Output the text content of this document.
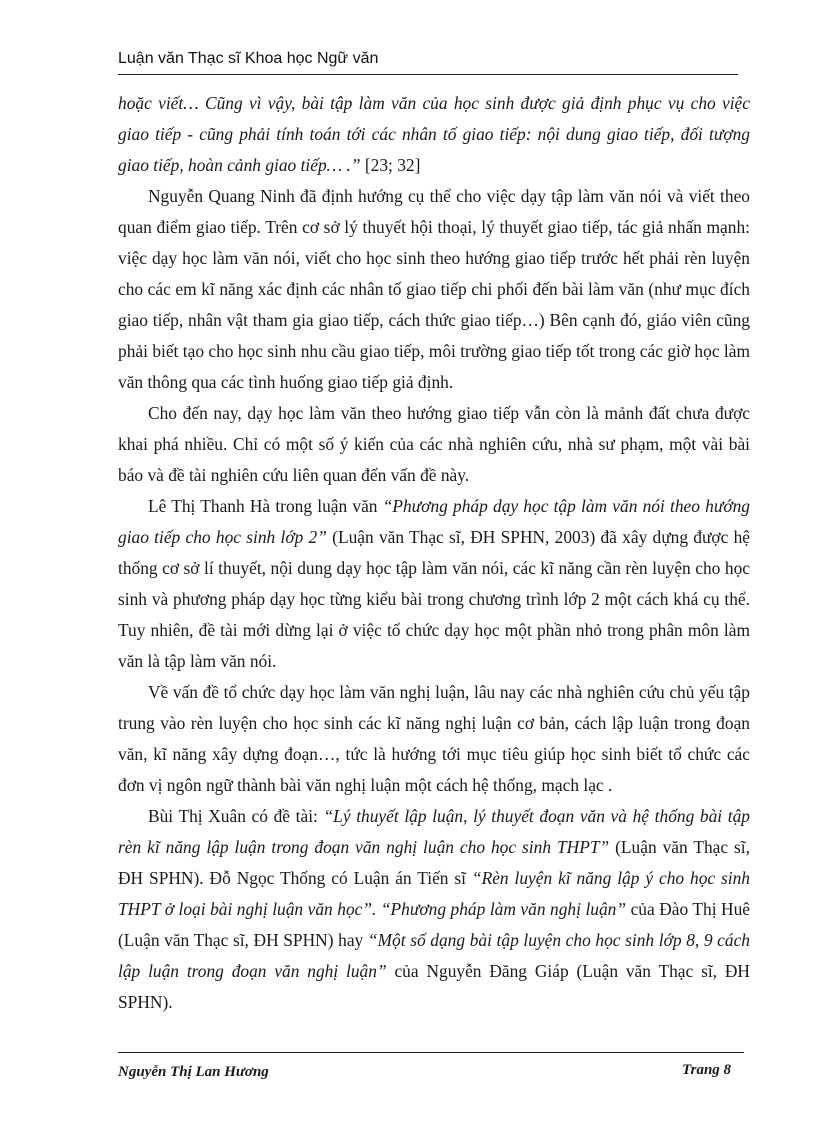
Luận văn Thạc sĩ Khoa học Ngữ văn

hoặc viết… Cũng vì vậy, bài tập làm văn của học sinh được giả định phục vụ cho việc giao tiếp - cũng phải tính toán tới các nhân tố giao tiếp: nội dung giao tiếp, đối tượng giao tiếp, hoàn cảnh giao tiếp… .” [23; 32]

Nguyễn Quang Ninh đã định hướng cụ thể cho việc dạy tập làm văn nói và viết theo quan điểm giao tiếp. Trên cơ sở lý thuyết hội thoại, lý thuyết giao tiếp, tác giả nhấn mạnh: việc dạy học làm văn nói, viết cho học sinh theo hướng giao tiếp trước hết phải rèn luyện cho các em kĩ năng xác định các nhân tố giao tiếp chi phối đến bài làm văn (như mục đích giao tiếp, nhân vật tham gia giao tiếp, cách thức giao tiếp…) Bên cạnh đó, giáo viên cũng phải biết tạo cho học sinh nhu cầu giao tiếp, môi trường giao tiếp tốt trong các giờ học làm văn thông qua các tình huống giao tiếp giả định.

Cho đến nay, dạy học làm văn theo hướng giao tiếp vẫn còn là mảnh đất chưa được khai phá nhiều. Chỉ có một số ý kiến của các nhà nghiên cứu, nhà sư phạm, một vài bài báo và đề tài nghiên cứu liên quan đến vấn đề này.

Lê Thị Thanh Hà trong luận văn “Phương pháp dạy học tập làm văn nói theo hướng giao tiếp cho học sinh lớp 2” (Luận văn Thạc sĩ, ĐH SPHN, 2003) đã xây dựng được hệ thống cơ sở lí thuyết, nội dung dạy học tập làm văn nói, các kĩ năng cần rèn luyện cho học sinh và phương pháp dạy học từng kiểu bài trong chương trình lớp 2 một cách khá cụ thể. Tuy nhiên, đề tài mới dừng lại ở việc tổ chức dạy học một phần nhỏ trong phân môn làm văn là tập làm văn nói.

Về vấn đề tổ chức dạy học làm văn nghị luận, lâu nay các nhà nghiên cứu chủ yếu tập trung vào rèn luyện cho học sinh các kĩ năng nghị luận cơ bản, cách lập luận trong đoạn văn, kĩ năng xây dựng đoạn…, tức là hướng tới mục tiêu giúp học sinh biết tổ chức các đơn vị ngôn ngữ thành bài văn nghị luận một cách hệ thống, mạch lạc .

Bùi Thị Xuân có đề tài: “Lý thuyết lập luận, lý thuyết đoạn văn và hệ thống bài tập rèn kĩ năng lập luận trong đoạn văn nghị luận cho học sinh THPT” (Luận văn Thạc sĩ, ĐH SPHN). Đỗ Ngọc Thống có Luận án Tiến sĩ “Rèn luyện kĩ năng lập ý cho học sinh THPT ở loại bài nghị luận văn học”. “Phương pháp làm văn nghị luận” của Đào Thị Huê (Luận văn Thạc sĩ, ĐH SPHN) hay “Một số dạng bài tập luyện cho học sinh lớp 8, 9 cách lập luận trong đoạn văn nghị luận” của Nguyễn Đăng Giáp (Luận văn Thạc sĩ, ĐH SPHN).

Nguyễn Thị Lan Hương	Trang 8
